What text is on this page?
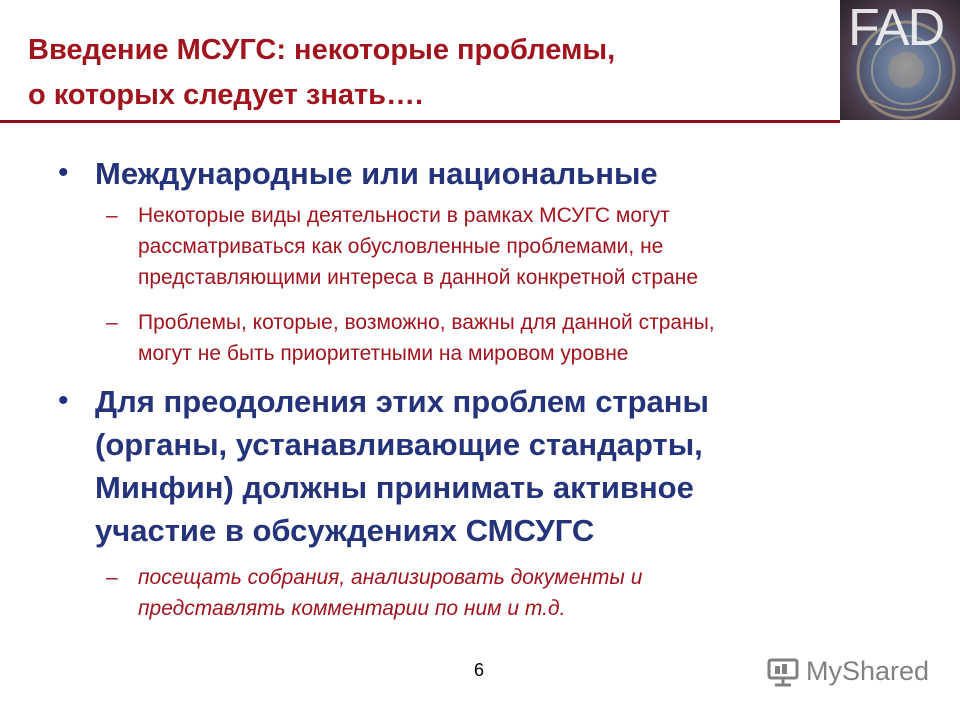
Введение МСУГС: некоторые проблемы,
о которых следует знать….
FAD
• Международные или национальные
– Некоторые виды деятельности в рамках МСУГС могут
рассматриваться как обусловленные проблемами, не
представляющими интереса в данной конкретной стране
– Проблемы, которые, возможно, важны для данной страны,
могут не быть приоритетными на мировом уровне
• Для преодоления этих проблем страны
(органы, устанавливающие стандарты,
Минфин) должны принимать активное
участие в обсуждениях СМСУГС
– посещать собрания, анализировать документы и
представлять комментарии по ним и т.д.
6	MyShared
